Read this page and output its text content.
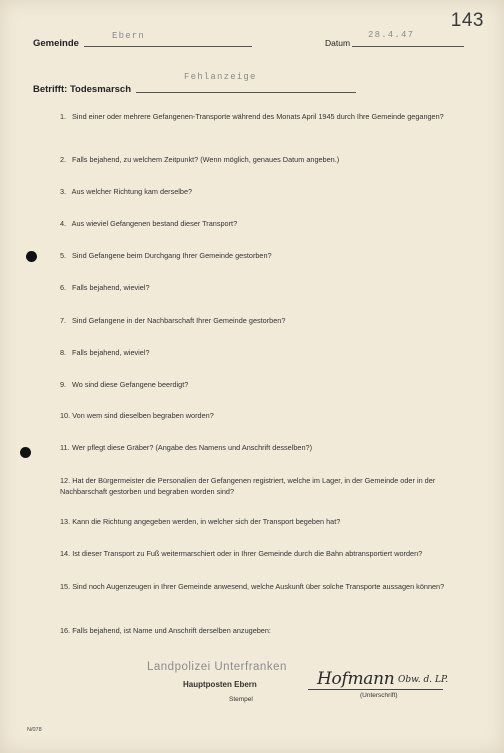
143
Gemeinde
Ebern
Datum
28.4.47
Betrifft: Todesmarsch
Fehlanzeige
1. Sind einer oder mehrere Gefangenen-Transporte während des Monats April 1945 durch Ihre Gemeinde gegangen?
2. Falls bejahend, zu welchem Zeitpunkt? (Wenn möglich, genaues Datum angeben.)
3. Aus welcher Richtung kam derselbe?
4. Aus wieviel Gefangenen bestand dieser Transport?
5. Sind Gefangene beim Durchgang Ihrer Gemeinde gestorben?
6. Falls bejahend, wieviel?
7. Sind Gefangene in der Nachbarschaft Ihrer Gemeinde gestorben?
8. Falls bejahend, wieviel?
9. Wo sind diese Gefangene beerdigt?
10. Von wem sind dieselben begraben worden?
11. Wer pflegt diese Gräber? (Angabe des Namens und Anschrift desselben?)
12. Hat der Bürgermeister die Personalien der Gefangenen registriert, welche im Lager, in der Gemeinde oder in der Nachbarschaft gestorben und begraben worden sind?
13. Kann die Richtung angegeben werden, in welcher sich der Transport begeben hat?
14. Ist dieser Transport zu Fuß weitermarschiert oder in Ihrer Gemeinde durch die Bahn abtransportiert worden?
15. Sind noch Augenzeugen in Ihrer Gemeinde anwesend, welche Auskunft über solche Transporte aussagen können?
16. Falls bejahend, ist Name und Anschrift derselben anzugeben:
Landpolizei Unterfranken
Hauptposten Ebern
Stempel
Hofmann Obw. d. LP.
(Unterschrift)
N/078
